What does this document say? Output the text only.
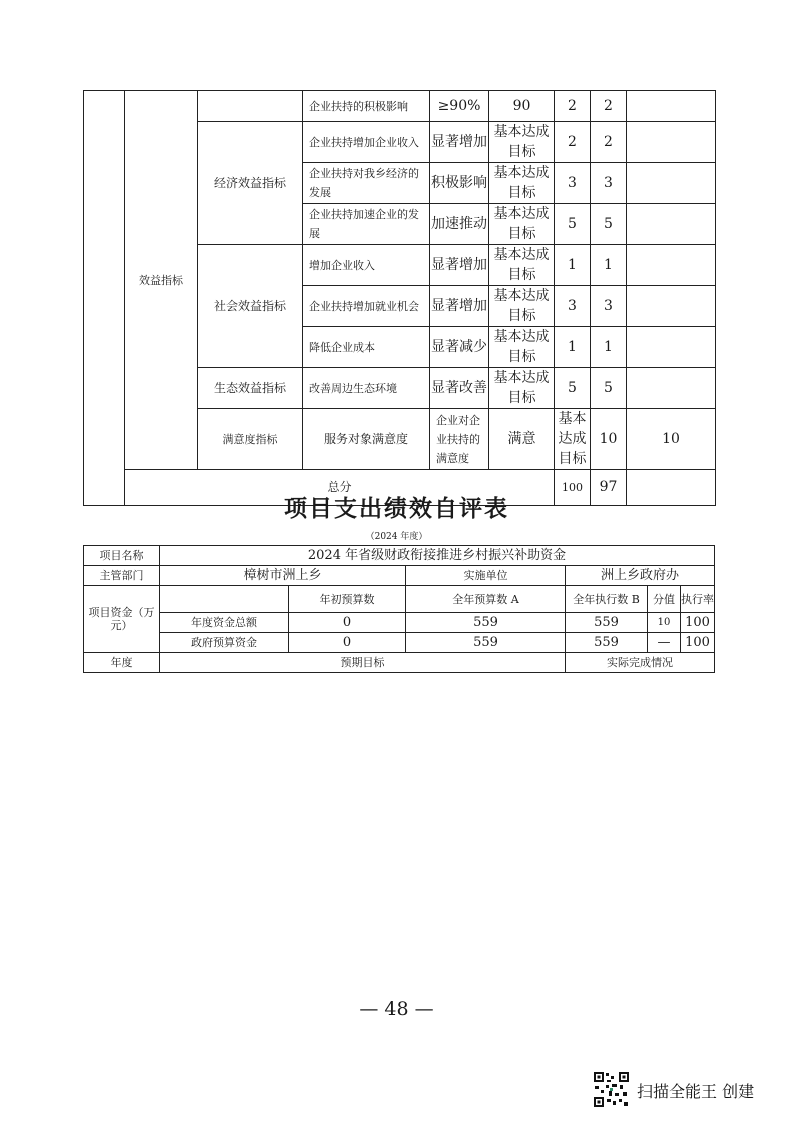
	效益指标		企业扶持的积极影响	≥90%	90	2	2		
		经济效益指标	企业扶持增加企业收入	显著增加	基本达成目标	2	2		
			企业扶持对我乡经济的发展	积极影响	基本达成目标	3	3		
			企业扶持加速企业的发展	加速推动	基本达成目标	5	5		
		社会效益指标	增加企业收入	显著增加	基本达成目标	1	1		
			企业扶持增加就业机会	显著增加	基本达成目标	3	3		
			降低企业成本	显著减少	基本达成目标	1	1		
		生态效益指标	改善周边生态环境	显著改善	基本达成目标	5	5		
		满意度指标	服务对象满意度	企业对企业扶持的满意度	满意	基本达成目标	10	10	
	总分					100	97		
项目支出绩效自评表
（2024 年度）
项目名称	2024 年省级财政衔接推进乡村振兴补助资金						
主管部门	樟树市洲上乡		实施单位	洲上乡政府办			
项目资金（万元）		年初预算数	全年预算数 A	全年执行数 B	分值	执行率	
	年度资金总额	0	559	559	10	100	
	政府预算资金	0	559	559	—	100	
年度	预期目标			实际完成情况			
— 48 —
扫描全能王 创建
